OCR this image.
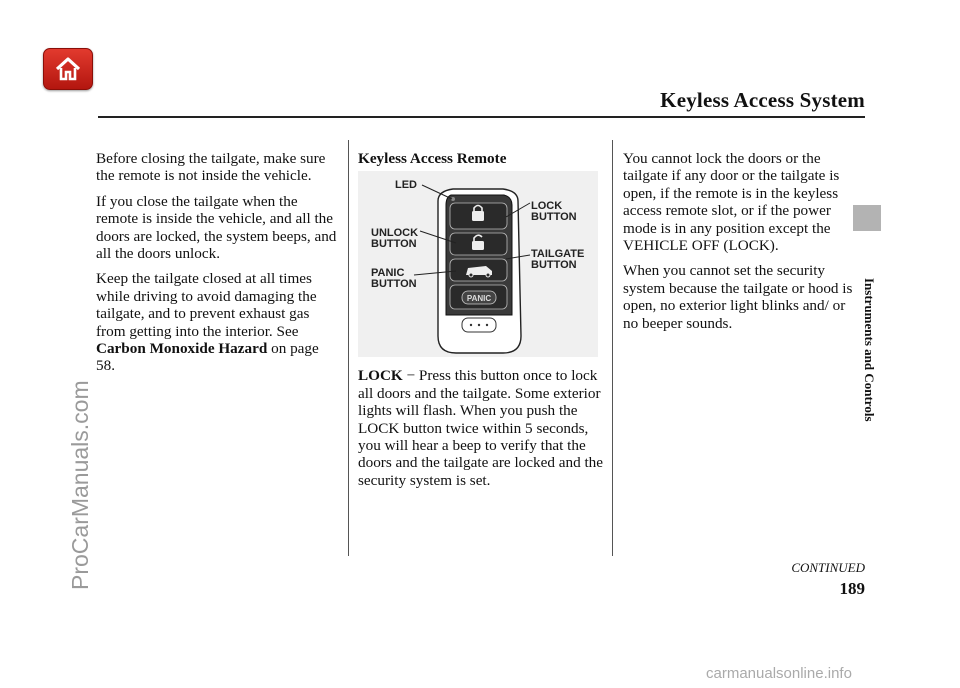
Keyless Access System
Instruments and Controls
ProCarManuals.com

Before closing the tailgate, make sure the remote is not inside the vehicle.

If you close the tailgate when the remote is inside the vehicle, and all the doors are locked, the system beeps, and all the doors unlock.

Keep the tailgate closed at all times while driving to avoid damaging the tailgate, and to prevent exhaust gas from getting into the interior. See Carbon Monoxide Hazard on page 58.

Keyless Access Remote
PANIC
LED
UNLOCK
BUTTON
PANIC
BUTTON
LOCK
BUTTON
TAILGATE
BUTTON

LOCK − Press this button once to lock all doors and the tailgate. Some exterior lights will flash. When you push the LOCK button twice within 5 seconds, you will hear a beep to verify that the doors and the tailgate are locked and the security system is set.

You cannot lock the doors or the tailgate if any door or the tailgate is open, if the remote is in the keyless access remote slot, or if the power mode is in any position except the VEHICLE OFF (LOCK).

When you cannot set the security system because the tailgate or hood is open, no exterior light blinks and/ or no beeper sounds.

CONTINUED
189
carmanualsonline.info
